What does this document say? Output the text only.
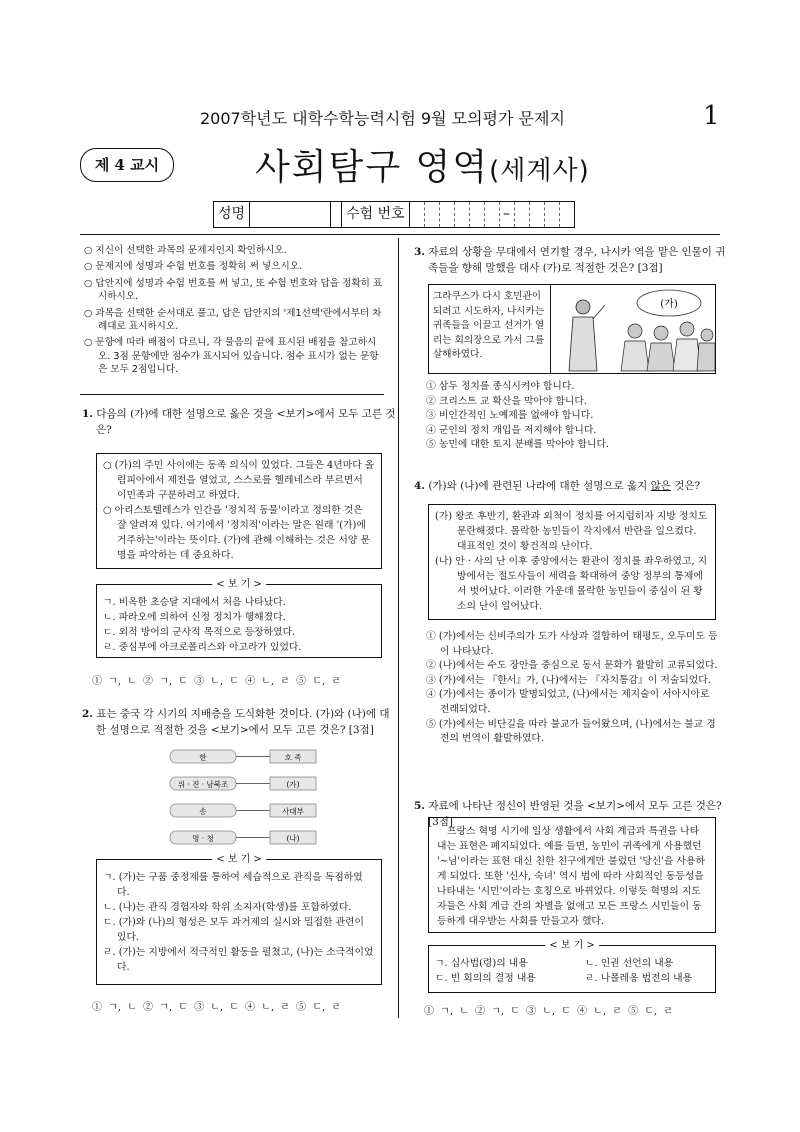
2007학년도 대학수학능력시험 9월 모의평가 문제지	1
제 4 교시	사회탐구 영역(세계사)
성명	수험 번호	–
○ 지신이 선택한 과목의 문제지인지 확인하시오.
○ 문제지에 성명과 수험 번호를 정확히 써 넣으시오.
○ 답안지에 성명과 수험 번호를 써 넣고, 또 수험 번호와 답을 정확히 표시하시오.
○ 과목을 선택한 순서대로 풀고, 답은 답안지의 '제1선택'란에서부터 차례대로 표시하시오.
○ 문항에 따라 배점이 다르니, 각 물음의 끝에 표시된 배점을 참고하시오. 3점 문항에만 점수가 표시되어 있습니다. 점수 표시가 없는 문항은 모두 2점입니다.
1. 다음의 (가)에 대한 설명으로 옳은 것을 <보기>에서 모두 고른 것은?
○ (가)의 주민 사이에는 동족 의식이 있었다. 그들은 4년마다 올림피아에서 제전을 열었고, 스스로를 헬레네스라 부르면서 이민족과 구분하려고 하였다.
○ 아리스토텔레스가 인간을 '정치적 동물'이라고 정의한 것은 잘 알려져 있다. 여기에서 '정치적'이라는 말은 원래 '(가)에 거주하는'이라는 뜻이다. (가)에 관해 이해하는 것은 서양 문명을 파악하는 데 중요하다.
< 보 기 >
ㄱ. 비옥한 초승달 지대에서 처음 나타났다.
ㄴ. 파라오에 의하여 신정 정치가 행해졌다.
ㄷ. 외적 방어의 군사적 목적으로 등장하였다.
ㄹ. 중심부에 아크로폴리스와 아고라가 있었다.
① ㄱ, ㄴ ② ㄱ, ㄷ ③ ㄴ, ㄷ ④ ㄴ, ㄹ ⑤ ㄷ, ㄹ
2. 표는 중국 각 시기의 지배층을 도식화한 것이다. (가)와 (나)에 대한 설명으로 적절한 것을 <보기>에서 모두 고른 것은? [3점]
한	호 족
위 · 진 · 남북조	(가)
송	사대부
명 · 청	(나)
< 보 기 >
ㄱ. (가)는 구품 중정제를 통하여 세습적으로 관직을 독점하였다.
ㄴ. (나)는 관직 경험자와 학위 소지자(학생)를 포함하였다.
ㄷ. (가)와 (나)의 형성은 모두 과거제의 실시와 밀접한 관련이 있다.
ㄹ. (가)는 지방에서 적극적인 활동을 펼쳤고, (나)는 소극적이었다.
① ㄱ, ㄴ ② ㄱ, ㄷ ③ ㄴ, ㄷ ④ ㄴ, ㄹ ⑤ ㄷ, ㄹ
3. 자료의 상황을 무대에서 연기할 경우, 나시카 역을 맡은 인물이 귀족들을 향해 말했을 대사 (가)로 적절한 것은? [3점]
그라쿠스가 다시 호민관이 되려고 시도하자, 나시카는 귀족들을 이끌고 선거가 열리는 회의장으로 가서 그를 살해하였다.
(가)
① 삼두 정치를 종식시켜야 합니다.
② 크리스트 교 확산을 막아야 합니다.
③ 비인간적인 노예제를 없애야 합니다.
④ 군인의 정치 개입을 저지해야 합니다.
⑤ 농민에 대한 토지 분배를 막아야 합니다.
4. (가)와 (나)에 관련된 나라에 대한 설명으로 옳지 않은 것은?
(가) 왕조 후반기, 환관과 외척이 정치를 어지럽히자 지방 정치도 문란해졌다. 몰락한 농민들이 각지에서 반란을 일으켰다. 대표적인 것이 황건적의 난이다.
(나) 안 · 사의 난 이후 중앙에서는 환관이 정치를 좌우하였고, 지방에서는 절도사들이 세력을 확대하여 중앙 정부의 통제에서 벗어났다. 이러한 가운데 몰락한 농민들이 중심이 된 황소의 난이 일어났다.
① (가)에서는 신비주의가 도가 사상과 결합하여 태평도, 오두미도 등이 나타났다.
② (나)에서는 수도 장안을 중심으로 동서 문화가 활발히 교류되었다.
③ (가)에서는 『한서』가, (나)에서는 『자치통감』이 저술되었다.
④ (가)에서는 종이가 발명되었고, (나)에서는 제지술이 서아시아로 전래되었다.
⑤ (가)에서는 비단길을 따라 불교가 들어왔으며, (나)에서는 불교 경전의 번역이 활발하였다.
5. 자료에 나타난 정신이 반영된 것을 <보기>에서 모두 고른 것은? [3점]
프랑스 혁명 시기에 일상 생활에서 사회 계급과 특권을 나타내는 표현은 폐지되었다. 예를 들면, 농민이 귀족에게 사용했던 '~님'이라는 표현 대신 친한 친구에게만 불렀던 '당신'을 사용하게 되었다. 또한 '신사, 숙녀' 역시 법에 따라 사회적인 동등성을 나타내는 '시민'이라는 호칭으로 바뀌었다. 이렇듯 혁명의 지도자들은 사회 계급 간의 차별을 없애고 모든 프랑스 시민들이 동등하게 대우받는 사회를 만들고자 했다.
< 보 기 >
ㄱ. 십사법(령)의 내용	ㄴ. 인권 선언의 내용
ㄷ. 빈 회의의 결정 내용	ㄹ. 나폴레옹 법전의 내용
① ㄱ, ㄴ ② ㄱ, ㄷ ③ ㄴ, ㄷ ④ ㄴ, ㄹ ⑤ ㄷ, ㄹ
